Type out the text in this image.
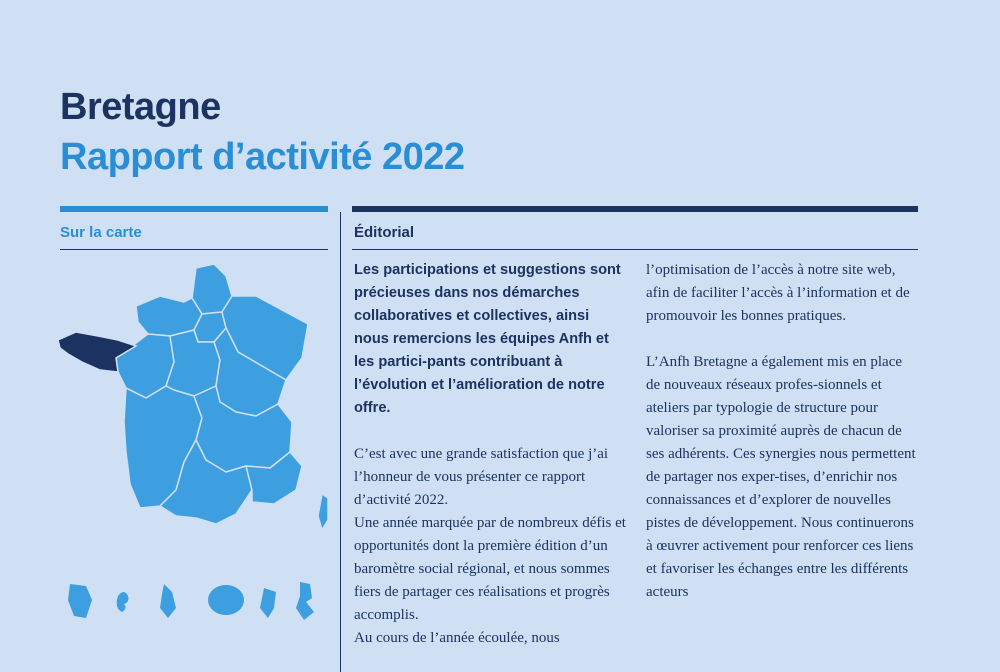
Bretagne
Rapport d’activité 2022
Sur la carte	Éditorial

Les participations et suggestions sont précieuses dans nos démarches collaboratives et collectives, ainsi nous remercions les équipes Anfh et les partici-pants contribuant à l’évolution et l’amélioration de notre offre.

C’est avec une grande satisfaction que j’ai l’honneur de vous présenter ce rapport d’activité 2022.

Une année marquée par de nombreux défis et opportunités dont la première édition d’un baromètre social régional, et nous sommes fiers de partager ces réalisations et progrès accomplis.

Au cours de l’année écoulée, nous

l’optimisation de l’accès à notre site web, afin de faciliter l’accès à l’information et de promouvoir les bonnes pratiques.

L’Anfh Bretagne a également mis en place de nouveaux réseaux profes-sionnels et ateliers par typologie de structure pour valoriser sa proximité auprès de chacun de ses adhérents. Ces synergies nous permettent de partager nos exper-tises, d’enrichir nos connaissances et d’explorer de nouvelles pistes de développement. Nous continuerons à œuvrer activement pour renforcer ces liens et favoriser les échanges entre les différents acteurs
